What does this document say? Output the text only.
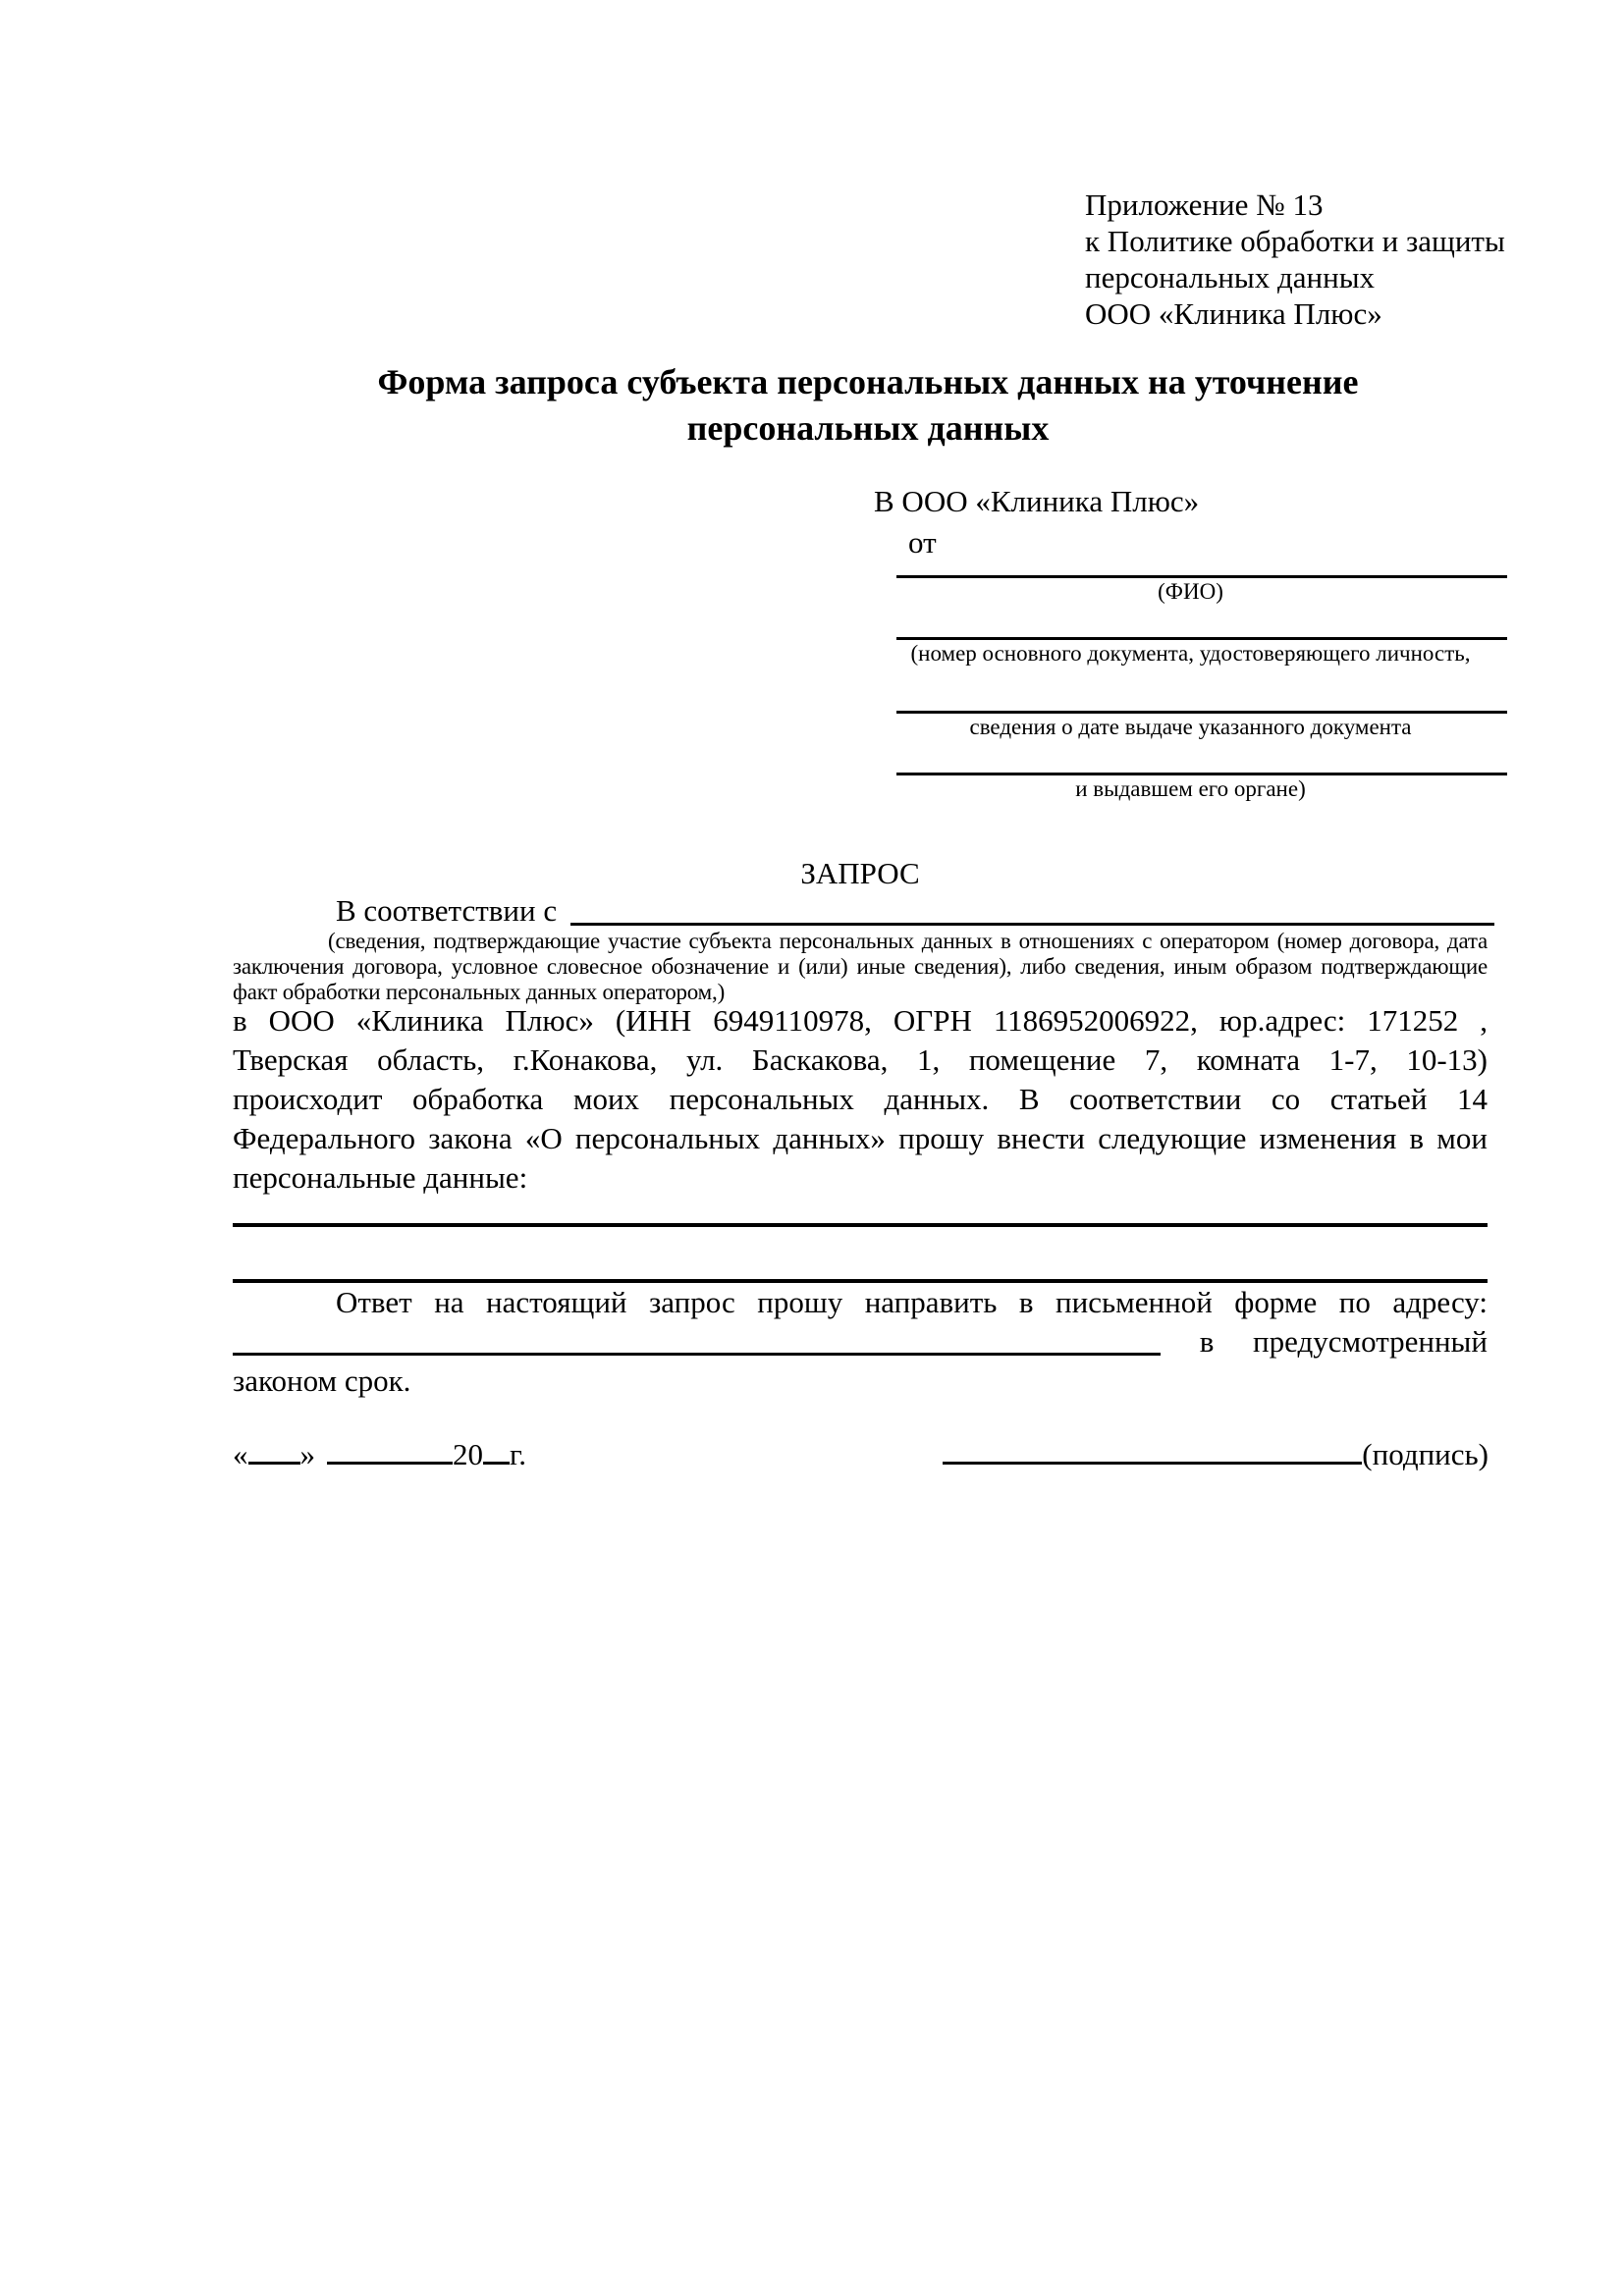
Приложение № 13
к Политике обработки и защиты
персональных данных
ООО «Клиника Плюс»
Форма запроса субъекта персональных данных на уточнение
персональных данных
В ООО «Клиника Плюс»
от
(ФИО)
(номер основного документа, удостоверяющего личность,
сведения о дате выдаче указанного документа
и выдавшем его органе)
ЗАПРОС
В соответствии с
(сведения, подтверждающие участие субъекта персональных данных в отношениях с оператором (номер договора, дата заключения договора, условное словесное обозначение и (или) иные сведения), либо сведения, иным образом подтверждающие факт обработки персональных данных оператором,)
в ООО «Клиника Плюс» (ИНН 6949110978, ОГРН 1186952006922, юр.адрес: 171252 ,
Тверская область, г.Конакова, ул. Баскакова, 1, помещение 7, комната 1-7, 10-13)
происходит обработка моих персональных данных. В соответствии со статьей 14
Федерального закона «О персональных данных» прошу внести следующие изменения в мои
персональные данные:
Ответ на настоящий запрос прошу направить в письменной форме по адресу:
в предусмотренный
законом срок.
« »	20 г.	(подпись)
